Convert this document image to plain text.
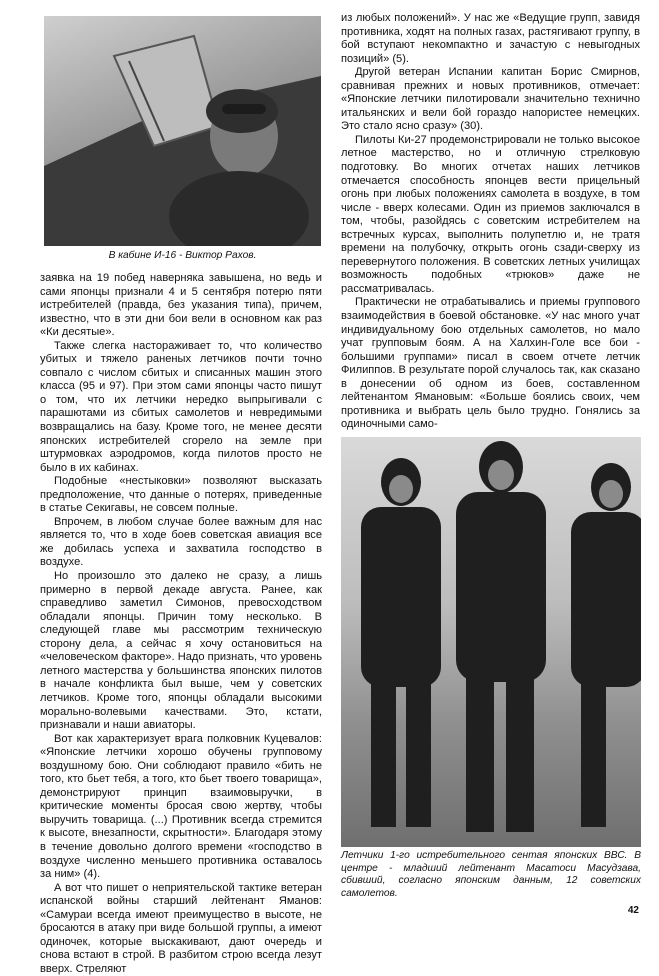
В кабине И-16 - Виктор Рахов.

заявка на 19 побед наверняка завышена, но ведь и сами японцы признали 4 и 5 сентября потерю пяти истребителей (правда, без указания типа), причем, известно, что в эти дни бои вели в основном как раз «Ки десятые».

Также слегка настораживает то, что количество убитых и тяжело раненых летчиков почти точно совпало с числом сбитых и списанных машин этого класса (95 и 97). При этом сами японцы часто пишут о том, что их летчики нередко выпрыгивали с парашютами из сбитых самолетов и невредимыми возвращались на базу. Кроме того, не менее десяти японских истребителей сгорело на земле при штурмовках аэродромов, когда пилотов просто не было в их кабинах.

Подобные «нестыковки» позволяют высказать предположение, что данные о потерях, приведенные в статье Секигавы, не совсем полные.

Впрочем, в любом случае более важным для нас является то, что в ходе боев советская авиация все же добилась успеха и захватила господство в воздухе.

Но произошло это далеко не сразу, а лишь примерно в первой декаде августа. Ранее, как справедливо заметил Симонов, превосходством обладали японцы. Причин тому несколько. В следующей главе мы рассмотрим техническую сторону дела, а сейчас я хочу остановиться на «человеческом факторе». Надо признать, что уровень летного мастерства у большинства японских пилотов в начале конфликта был выше, чем у советских летчиков. Кроме того, японцы обладали высокими морально-волевыми качествами. Это, кстати, признавали и наши авиаторы.

Вот как характеризует врага полковник Куцевалов: «Японские летчики хорошо обучены групповому воздушному бою. Они соблюдают правило «бить не того, кто бьет тебя, а того, кто бьет твоего товарища», демонстрируют принцип взаимовыручки, в критические моменты бросая свою жертву, чтобы выручить товарища. (...) Противник всегда стремится к высоте, внезапности, скрытности». Благодаря этому в течение довольно долгого времени «господство в воздухе численно меньшего противника оставалось за ним» (4).

А вот что пишет о неприятельской тактике ветеран испанской войны старший лейтенант Яманов: «Самураи всегда имеют преимущество в высоте, не бросаются в атаку при виде большой группы, а имеют одиночек, которые выскакивают, дают очередь и снова встают в строй. В разбитом строю всегда лезут вверх. Стреляют

из любых положений». У нас же «Ведущие групп, завидя противника, ходят на полных газах, растягивают группу, в бой вступают некомпактно и зачастую с невыгодных позиций» (5).

Другой ветеран Испании капитан Борис Смирнов, сравнивая прежних и новых противников, отмечает: «Японские летчики пилотировали значительно технично итальянских и вели бой гораздо напористее немецких. Это стало ясно сразу» (30).

Пилоты Ки-27 продемонстрировали не только высокое летное мастерство, но и отличную стрелковую подготовку. Во многих отчетах наших летчиков отмечается способность японцев вести прицельный огонь при любых положениях самолета в воздухе, в том числе - вверх колесами. Один из приемов заключался в том, чтобы, разойдясь с советским истребителем на встречных курсах, выполнить полупетлю и, не тратя времени на полубочку, открыть огонь сзади-сверху из перевернутого положения. В советских летных училищах возможность подобных «трюков» даже не рассматривалась.

Практически не отрабатывались и приемы группового взаимодействия в боевой обстановке. «У нас много учат индивидуальному бою отдельных самолетов, но мало учат групповым боям. А на Халхин-Голе все бои - большими группами» писал в своем отчете летчик Филиппов. В результате порой случалось так, как сказано в донесении об одном из боев, составленном лейтенантом Ямановым: «Больше боялись своих, чем противника и выбрать цель было трудно. Гонялись за одиночными само-

Летчики 1-го истребительного сентая японских ВВС. В центре - младший лейтенант Масатоси Масудзава, сбивший, согласно японским данным, 12 советских самолетов.
42
